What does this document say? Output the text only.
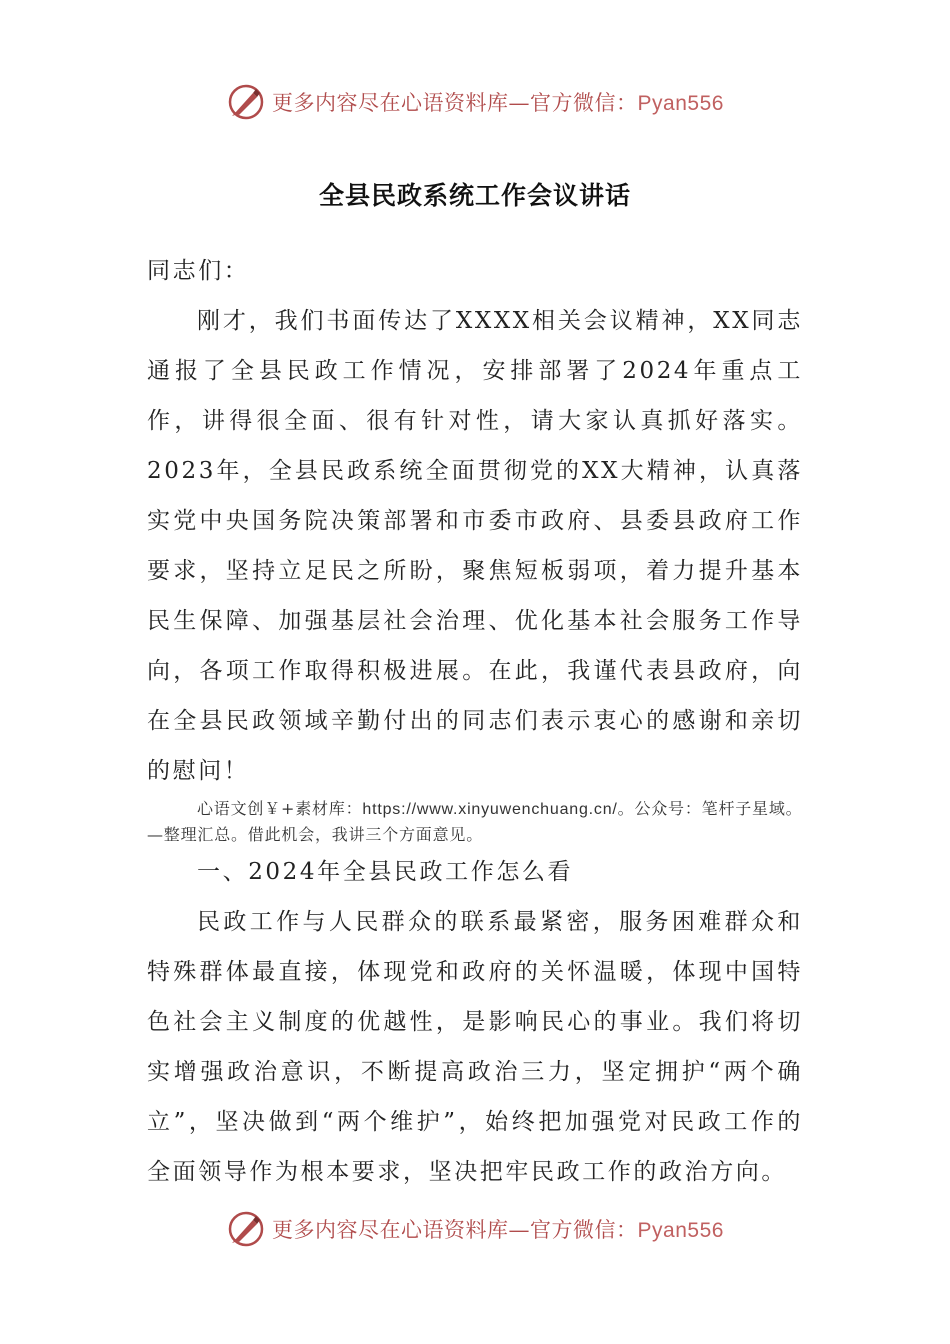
更多内容尽在心语资料库—官方微信：Pyan556
全县民政系统工作会议讲话

同志们：

刚才，我们书面传达了XXXX相关会议精神，XX同志通报了全县民政工作情况，安排部署了2024年重点工作，讲得很全面、很有针对性，请大家认真抓好落实。2023年，全县民政系统全面贯彻党的XX大精神，认真落实党中央国务院决策部署和市委市政府、县委县政府工作要求，坚持立足民之所盼，聚焦短板弱项，着力提升基本民生保障、加强基层社会治理、优化基本社会服务工作导向，各项工作取得积极进展。在此，我谨代表县政府，向在全县民政领域辛勤付出的同志们表示衷心的感谢和亲切的慰问！

心语文创￥+素材库：https://www.xinyuwenchuang.cn/。公众号：笔杆子星域。—整理汇总。借此机会，我讲三个方面意见。

一、2024年全县民政工作怎么看

民政工作与人民群众的联系最紧密，服务困难群众和特殊群体最直接，体现党和政府的关怀温暖，体现中国特色社会主义制度的优越性，是影响民心的事业。我们将切实增强政治意识，不断提高政治三力，坚定拥护“两个确立”，坚决做到“两个维护”，始终把加强党对民政工作的全面领导作为根本要求，坚决把牢民政工作的政治方向。

更多内容尽在心语资料库—官方微信：Pyan556
